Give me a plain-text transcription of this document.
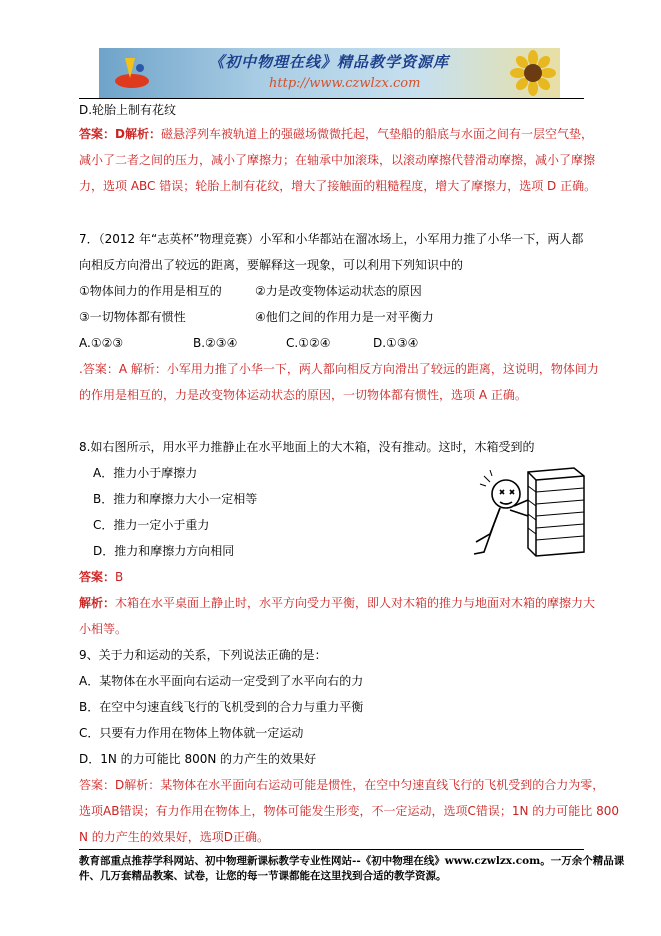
《初中物理在线》精品教学资源库
http://www.czwlzx.com
D.轮胎上制有花纹
答案：D解析：磁悬浮列车被轨道上的强磁场微微托起，气垫船的船底与水面之间有一层空气垫，
减小了二者之间的压力，减小了摩擦力；在轴承中加滚珠，以滚动摩擦代替滑动摩擦，减小了摩擦
力，选项 ABC 错误；轮胎上制有花纹，增大了接触面的粗糙程度，增大了摩擦力，选项 D 正确。
7．（2012 年“志英杯”物理竞赛）小军和小华都站在溜冰场上，小军用力推了小华一下，两人都
向相反方向滑出了较远的距离，要解释这一现象，可以利用下列知识中的
①物体间力的作用是相互的	②力是改变物体运动状态的原因
③一切物体都有惯性	④他们之间的作用力是一对平衡力
A.①②③	B.②③④	C.①②④	D.①③④
.答案：A 解析：小军用力推了小华一下，两人都向相反方向滑出了较远的距离，这说明，物体间力
的作用是相互的，力是改变物体运动状态的原因，一切物体都有惯性，选项 A 正确。
8.如右图所示，用水平力推静止在水平地面上的大木箱，没有推动。这时，木箱受到的
A．推力小于摩擦力
B．推力和摩擦力大小一定相等
C．推力一定小于重力
D．推力和摩擦力方向相同
答案：B
解析：木箱在水平桌面上静止时，水平方向受力平衡，即人对木箱的推力与地面对木箱的摩擦力大
小相等。
9、关于力和运动的关系，下列说法正确的是：
A．某物体在水平面向右运动一定受到了水平向右的力
B．在空中匀速直线飞行的飞机受到的合力与重力平衡
C．只要有力作用在物体上物体就一定运动
D．1N 的力可能比 800N 的力产生的效果好
答案：D解析：某物体在水平面向右运动可能是惯性，在空中匀速直线飞行的飞机受到的合力为零，
选项AB错误；有力作用在物体上，物体可能发生形变，不一定运动，选项C错误；1N 的力可能比 800
N 的力产生的效果好，选项D正确。
教育部重点推荐学科网站、初中物理新课标教学专业性网站--《初中物理在线》www.czwlzx.com。一万余个精品课
件、几万套精品教案、试卷，让您的每一节课都能在这里找到合适的教学资源。
